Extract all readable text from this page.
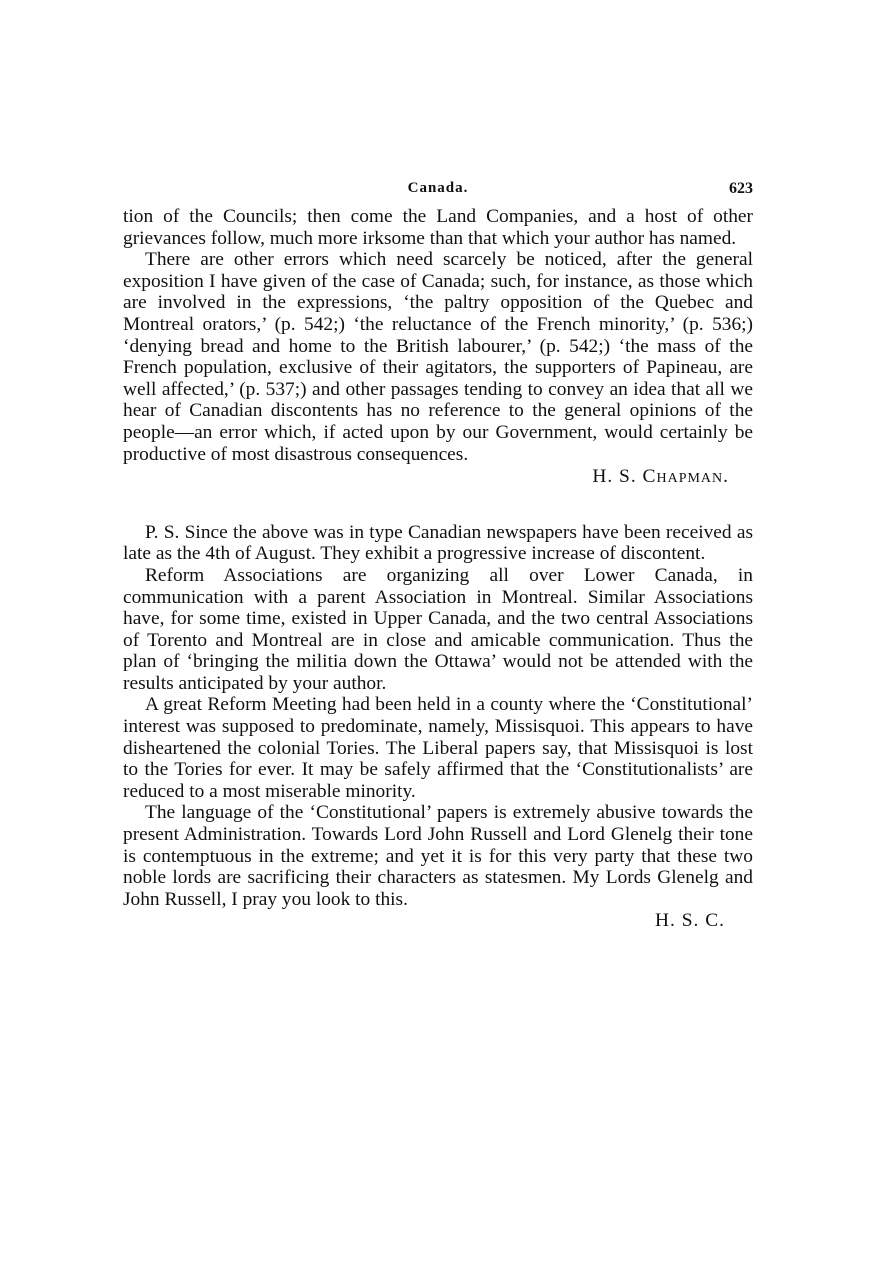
Canada.	623

tion of the Councils; then come the Land Companies, and a host of other grievances follow, much more irksome than that which your author has named.

There are other errors which need scarcely be noticed, after the general exposition I have given of the case of Canada; such, for instance, as those which are involved in the expressions, ‘the paltry opposition of the Quebec and Montreal orators,’ (p. 542;) ‘the reluctance of the French minority,’ (p. 536;) ‘denying bread and home to the British labourer,’ (p. 542;) ‘the mass of the French population, exclusive of their agitators, the supporters of Papineau, are well affected,’ (p. 537;) and other passages tending to convey an idea that all we hear of Canadian discontents has no reference to the general opinions of the people—an error which, if acted upon by our Government, would certainly be productive of most disastrous consequences.

H. S. Chapman.

P. S. Since the above was in type Canadian newspapers have been received as late as the 4th of August. They exhibit a progressive increase of discontent.

Reform Associations are organizing all over Lower Canada, in communication with a parent Association in Montreal. Similar Associations have, for some time, existed in Upper Canada, and the two central Associations of Torento and Montreal are in close and amicable communication. Thus the plan of ‘bringing the militia down the Ottawa’ would not be attended with the results anticipated by your author.

A great Reform Meeting had been held in a county where the ‘Constitutional’ interest was supposed to predominate, namely, Missisquoi. This appears to have disheartened the colonial Tories. The Liberal papers say, that Missisquoi is lost to the Tories for ever. It may be safely affirmed that the ‘Constitutionalists’ are reduced to a most miserable minority.

The language of the ‘Constitutional’ papers is extremely abusive towards the present Administration. Towards Lord John Russell and Lord Glenelg their tone is contemptuous in the extreme; and yet it is for this very party that these two noble lords are sacrificing their characters as statesmen. My Lords Glenelg and John Russell, I pray you look to this.

H. S. C.
